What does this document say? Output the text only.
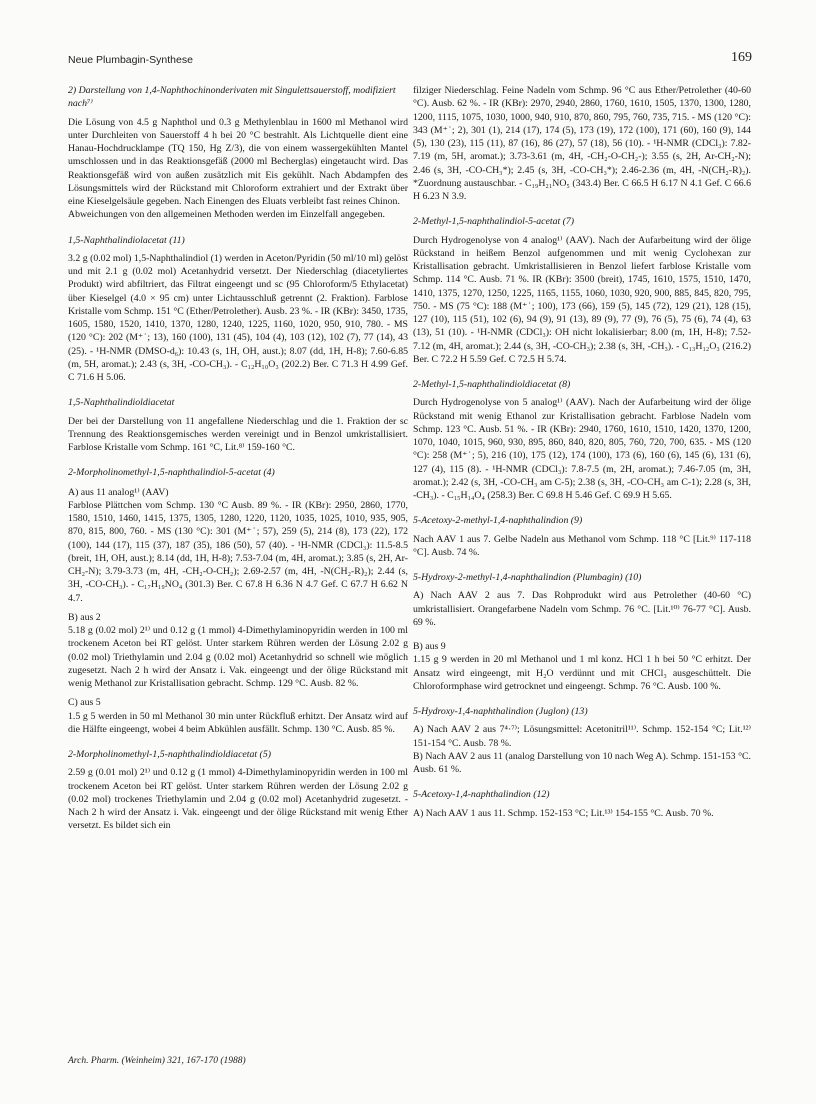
Neue Plumbagin-Synthese	169

2) Darstellung von 1,4-Naphthochinonderivaten mit Singulettsauerstoff, modifiziert nach⁷⁾

Die Lösung von 4.5 g Naphthol und 0.3 g Methylenblau in 1600 ml Methanol wird unter Durchleiten von Sauerstoff 4 h bei 20 °C bestrahlt. Als Lichtquelle dient eine Hanau-Hochdrucklampe (TQ 150, Hg Z/3), die von einem wassergekühlten Mantel umschlossen und in das Reaktionsgefäß (2000 ml Becherglas) eingetaucht wird. Das Reaktionsgefäß wird von außen zusätzlich mit Eis gekühlt. Nach Abdampfen des Lösungsmittels wird der Rückstand mit Chloroform extrahiert und der Extrakt über eine Kieselgelsäule gegeben. Nach Einengen des Eluats verbleibt fast reines Chinon.

Abweichungen von den allgemeinen Methoden werden im Einzelfall angegeben.

1,5-Naphthalindiolacetat (11)

3.2 g (0.02 mol) 1,5-Naphthalindiol (1) werden in Aceton/Pyridin (50 ml/10 ml) gelöst und mit 2.1 g (0.02 mol) Acetanhydrid versetzt. Der Niederschlag (diacetyliertes Produkt) wird abfiltriert, das Filtrat eingeengt und sc (95 Chloroform/5 Ethylacetat) über Kieselgel (4.0 × 95 cm) unter Lichtausschluß getrennt (2. Fraktion). Farblose Kristalle vom Schmp. 151 °C (Ether/Petrolether). Ausb. 23 %. - IR (KBr): 3450, 1735, 1605, 1580, 1520, 1410, 1370, 1280, 1240, 1225, 1160, 1020, 950, 910, 780. - MS (120 °C): 202 (M⁺˙; 13), 160 (100), 131 (45), 104 (4), 103 (12), 102 (7), 77 (14), 43 (25). - ¹H-NMR (DMSO-d₆): 10.43 (s, 1H, OH, aust.); 8.07 (dd, 1H, H-8); 7.60-6.85 (m, 5H, aromat.); 2.43 (s, 3H, -CO-CH₃). - C₁₂H₁₀O₃ (202.2) Ber. C 71.3 H 4.99 Gef. C 71.6 H 5.06.

1,5-Naphthalindioldiacetat

Der bei der Darstellung von 11 angefallene Niederschlag und die 1. Fraktion der sc Trennung des Reaktionsgemisches werden vereinigt und in Benzol umkristallisiert. Farblose Kristalle vom Schmp. 161 °C, Lit.⁸⁾ 159-160 °C.

2-Morpholinomethyl-1,5-naphthalindiol-5-acetat (4)

A) aus 11 analog¹⁾ (AAV)

Farblose Plättchen vom Schmp. 130 °C Ausb. 89 %. - IR (KBr): 2950, 2860, 1770, 1580, 1510, 1460, 1415, 1375, 1305, 1280, 1220, 1120, 1035, 1025, 1010, 935, 905, 870, 815, 800, 760. - MS (130 °C): 301 (M⁺˙; 57), 259 (5), 214 (8), 173 (22), 172 (100), 144 (17), 115 (37), 187 (35), 186 (50), 57 (40). - ¹H-NMR (CDCl₃): 11.5-8.5 (breit, 1H, OH, aust.); 8.14 (dd, 1H, H-8); 7.53-7.04 (m, 4H, aromat.); 3.85 (s, 2H, Ar-CH₂-N); 3.79-3.73 (m, 4H, -CH₂-O-CH₂); 2.69-2.57 (m, 4H, -N(CH₂-R)₂); 2.44 (s, 3H, -CO-CH₃). - C₁₇H₁₉NO₄ (301.3) Ber. C 67.8 H 6.36 N 4.7 Gef. C 67.7 H 6.62 N 4.7.

B) aus 2

5.18 g (0.02 mol) 2¹⁾ und 0.12 g (1 mmol) 4-Dimethylaminopyridin werden in 100 ml trockenem Aceton bei RT gelöst. Unter starkem Rühren werden der Lösung 2.02 g (0.02 mol) Triethylamin und 2.04 g (0.02 mol) Acetanhydrid so schnell wie möglich zugesetzt. Nach 2 h wird der Ansatz i. Vak. eingeengt und der ölige Rückstand mit wenig Methanol zur Kristallisation gebracht. Schmp. 129 °C. Ausb. 82 %.

C) aus 5

1.5 g 5 werden in 50 ml Methanol 30 min unter Rückfluß erhitzt. Der Ansatz wird auf die Hälfte eingeengt, wobei 4 beim Abkühlen ausfällt. Schmp. 130 °C. Ausb. 85 %.

2-Morpholinomethyl-1,5-naphthalindioldiacetat (5)

2.59 g (0.01 mol) 2¹⁾ und 0.12 g (1 mmol) 4-Dimethylaminopyridin werden in 100 ml trockenem Aceton bei RT gelöst. Unter starkem Rühren werden der Lösung 2.02 g (0.02 mol) trockenes Triethylamin und 2.04 g (0.02 mol) Acetanhydrid zugesetzt. - Nach 2 h wird der Ansatz i. Vak. eingeengt und der ölige Rückstand mit wenig Ether versetzt. Es bildet sich ein

filziger Niederschlag. Feine Nadeln vom Schmp. 96 °C aus Ether/Petrolether (40-60 °C). Ausb. 62 %. - IR (KBr): 2970, 2940, 2860, 1760, 1610, 1505, 1370, 1300, 1280, 1200, 1115, 1075, 1030, 1000, 940, 910, 870, 860, 795, 760, 735, 715. - MS (120 °C): 343 (M⁺˙; 2), 301 (1), 214 (17), 174 (5), 173 (19), 172 (100), 171 (60), 160 (9), 144 (5), 130 (23), 115 (11), 87 (16), 86 (27), 57 (18), 56 (10). - ¹H-NMR (CDCl₃): 7.82-7.19 (m, 5H, aromat.); 3.73-3.61 (m, 4H, -CH₂-O-CH₂-); 3.55 (s, 2H, Ar-CH₂-N); 2.46 (s, 3H, -CO-CH₃*); 2.45 (s, 3H, -CO-CH₃*); 2.46-2.36 (m, 4H, -N(CH₂-R)₂). *Zuordnung austauschbar. - C₁₉H₂₁NO₅ (343.4) Ber. C 66.5 H 6.17 N 4.1 Gef. C 66.6 H 6.23 N 3.9.

2-Methyl-1,5-naphthalindiol-5-acetat (7)

Durch Hydrogenolyse von 4 analog¹⁾ (AAV). Nach der Aufarbeitung wird der ölige Rückstand in heißem Benzol aufgenommen und mit wenig Cyclohexan zur Kristallisation gebracht. Umkristallisieren in Benzol liefert farblose Kristalle vom Schmp. 114 °C. Ausb. 71 %. IR (KBr): 3500 (breit), 1745, 1610, 1575, 1510, 1470, 1410, 1375, 1270, 1250, 1225, 1165, 1155, 1060, 1030, 920, 900, 885, 845, 820, 795, 750. - MS (75 °C): 188 (M⁺˙; 100), 173 (66), 159 (5), 145 (72), 129 (21), 128 (15), 127 (10), 115 (51), 102 (6), 94 (9), 91 (13), 89 (9), 77 (9), 76 (5), 75 (6), 74 (4), 63 (13), 51 (10). - ¹H-NMR (CDCl₃): OH nicht lokalisierbar; 8.00 (m, 1H, H-8); 7.52-7.12 (m, 4H, aromat.); 2.44 (s, 3H, -CO-CH₃); 2.38 (s, 3H, -CH₃). - C₁₃H₁₂O₃ (216.2) Ber. C 72.2 H 5.59 Gef. C 72.5 H 5.74.

2-Methyl-1,5-naphthalindioldiacetat (8)

Durch Hydrogenolyse von 5 analog¹⁾ (AAV). Nach der Aufarbeitung wird der ölige Rückstand mit wenig Ethanol zur Kristallisation gebracht. Farblose Nadeln vom Schmp. 123 °C. Ausb. 51 %. - IR (KBr): 2940, 1760, 1610, 1510, 1420, 1370, 1200, 1070, 1040, 1015, 960, 930, 895, 860, 840, 820, 805, 760, 720, 700, 635. - MS (120 °C): 258 (M⁺˙; 5), 216 (10), 175 (12), 174 (100), 173 (6), 160 (6), 145 (6), 131 (6), 127 (4), 115 (8). - ¹H-NMR (CDCl₃): 7.8-7.5 (m, 2H, aromat.); 7.46-7.05 (m, 3H, aromat.); 2.42 (s, 3H, -CO-CH₃ am C-5); 2.38 (s, 3H, -CO-CH₃ am C-1); 2.28 (s, 3H, -CH₃). - C₁₅H₁₄O₄ (258.3) Ber. C 69.8 H 5.46 Gef. C 69.9 H 5.65.

5-Acetoxy-2-methyl-1,4-naphthalindion (9)

Nach AAV 1 aus 7. Gelbe Nadeln aus Methanol vom Schmp. 118 °C [Lit.⁹⁾ 117-118 °C]. Ausb. 74 %.

5-Hydroxy-2-methyl-1,4-naphthalindion (Plumbagin) (10)

A) Nach AAV 2 aus 7. Das Rohprodukt wird aus Petrolether (40-60 °C) umkristallisiert. Orangefarbene Nadeln vom Schmp. 76 °C. [Lit.¹⁰⁾ 76-77 °C]. Ausb. 69 %.

B) aus 9

1.15 g 9 werden in 20 ml Methanol und 1 ml konz. HCl 1 h bei 50 °C erhitzt. Der Ansatz wird eingeengt, mit H₂O verdünnt und mit CHCl₃ ausgeschüttelt. Die Chloroformphase wird getrocknet und eingeengt. Schmp. 76 °C. Ausb. 100 %.

5-Hydroxy-1,4-naphthalindion (Juglon) (13)

A) Nach AAV 2 aus 7⁴·⁷⁾; Lösungsmittel: Acetonitril¹¹⁾. Schmp. 152-154 °C; Lit.¹²⁾ 151-154 °C. Ausb. 78 %.

B) Nach AAV 2 aus 11 (analog Darstellung von 10 nach Weg A). Schmp. 151-153 °C. Ausb. 61 %.

5-Acetoxy-1,4-naphthalindion (12)

A) Nach AAV 1 aus 11. Schmp. 152-153 °C; Lit.¹³⁾ 154-155 °C. Ausb. 70 %.

Arch. Pharm. (Weinheim) 321, 167-170 (1988)
